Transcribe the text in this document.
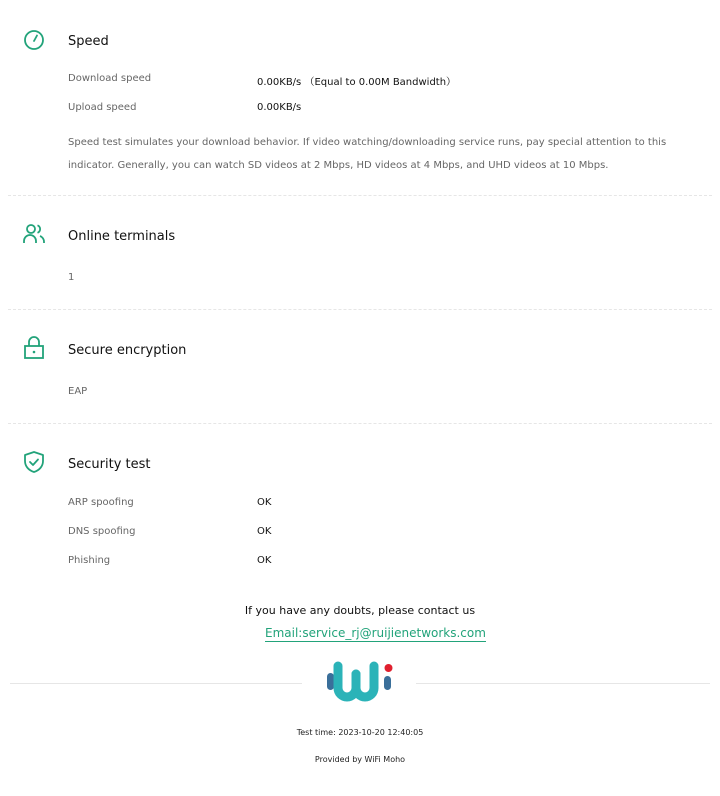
Speed
Download speed	0.00KB/s （Equal to 0.00M Bandwidth）
Upload speed	0.00KB/s
Speed test simulates your download behavior. If video watching/downloading service runs, pay special attention to this indicator. Generally, you can watch SD videos at 2 Mbps, HD videos at 4 Mbps, and UHD videos at 10 Mbps.
Online terminals
1
Secure encryption
EAP
Security test
ARP spoofing	OK
DNS spoofing	OK
Phishing	OK
If you have any doubts, please contact us
Email:service_rj@ruijienetworks.com
Test time: 2023-10-20 12:40:05
Provided by WiFi Moho
